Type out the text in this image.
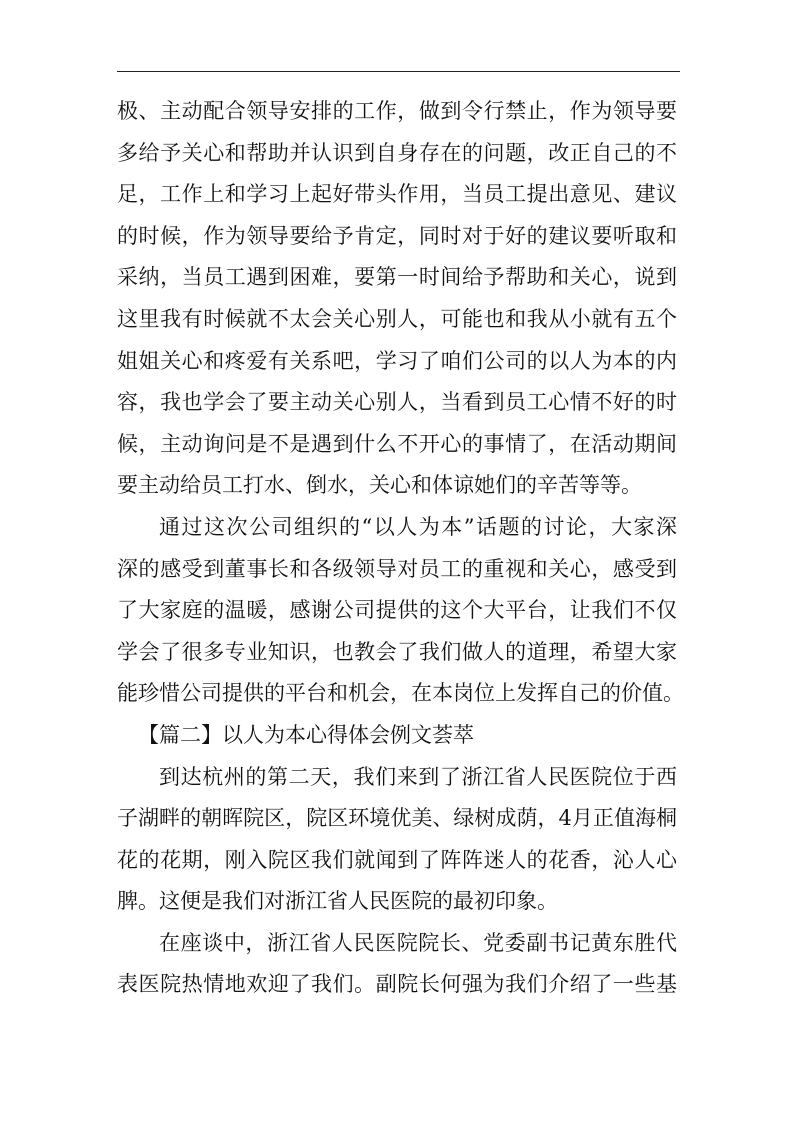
极、主动配合领导安排的工作，做到令行禁止，作为领导要
多给予关心和帮助并认识到自身存在的问题，改正自己的不
足，工作上和学习上起好带头作用，当员工提出意见、建议
的时候，作为领导要给予肯定，同时对于好的建议要听取和
采纳，当员工遇到困难，要第一时间给予帮助和关心，说到
这里我有时候就不太会关心别人，可能也和我从小就有五个
姐姐关心和疼爱有关系吧，学习了咱们公司的以人为本的内
容，我也学会了要主动关心别人，当看到员工心情不好的时
候，主动询问是不是遇到什么不开心的事情了，在活动期间
要主动给员工打水、倒水，关心和体谅她们的辛苦等等。
通过这次公司组织的“以人为本”话题的讨论，大家深
深的感受到董事长和各级领导对员工的重视和关心，感受到
了大家庭的温暖，感谢公司提供的这个大平台，让我们不仅
学会了很多专业知识，也教会了我们做人的道理，希望大家
能珍惜公司提供的平台和机会，在本岗位上发挥自己的价值。
【篇二】以人为本心得体会例文荟萃
到达杭州的第二天，我们来到了浙江省人民医院位于西
子湖畔的朝晖院区，院区环境优美、绿树成荫，4月正值海桐
花的花期，刚入院区我们就闻到了阵阵迷人的花香，沁人心
脾。这便是我们对浙江省人民医院的最初印象。
在座谈中，浙江省人民医院院长、党委副书记黄东胜代
表医院热情地欢迎了我们。副院长何强为我们介绍了一些基
